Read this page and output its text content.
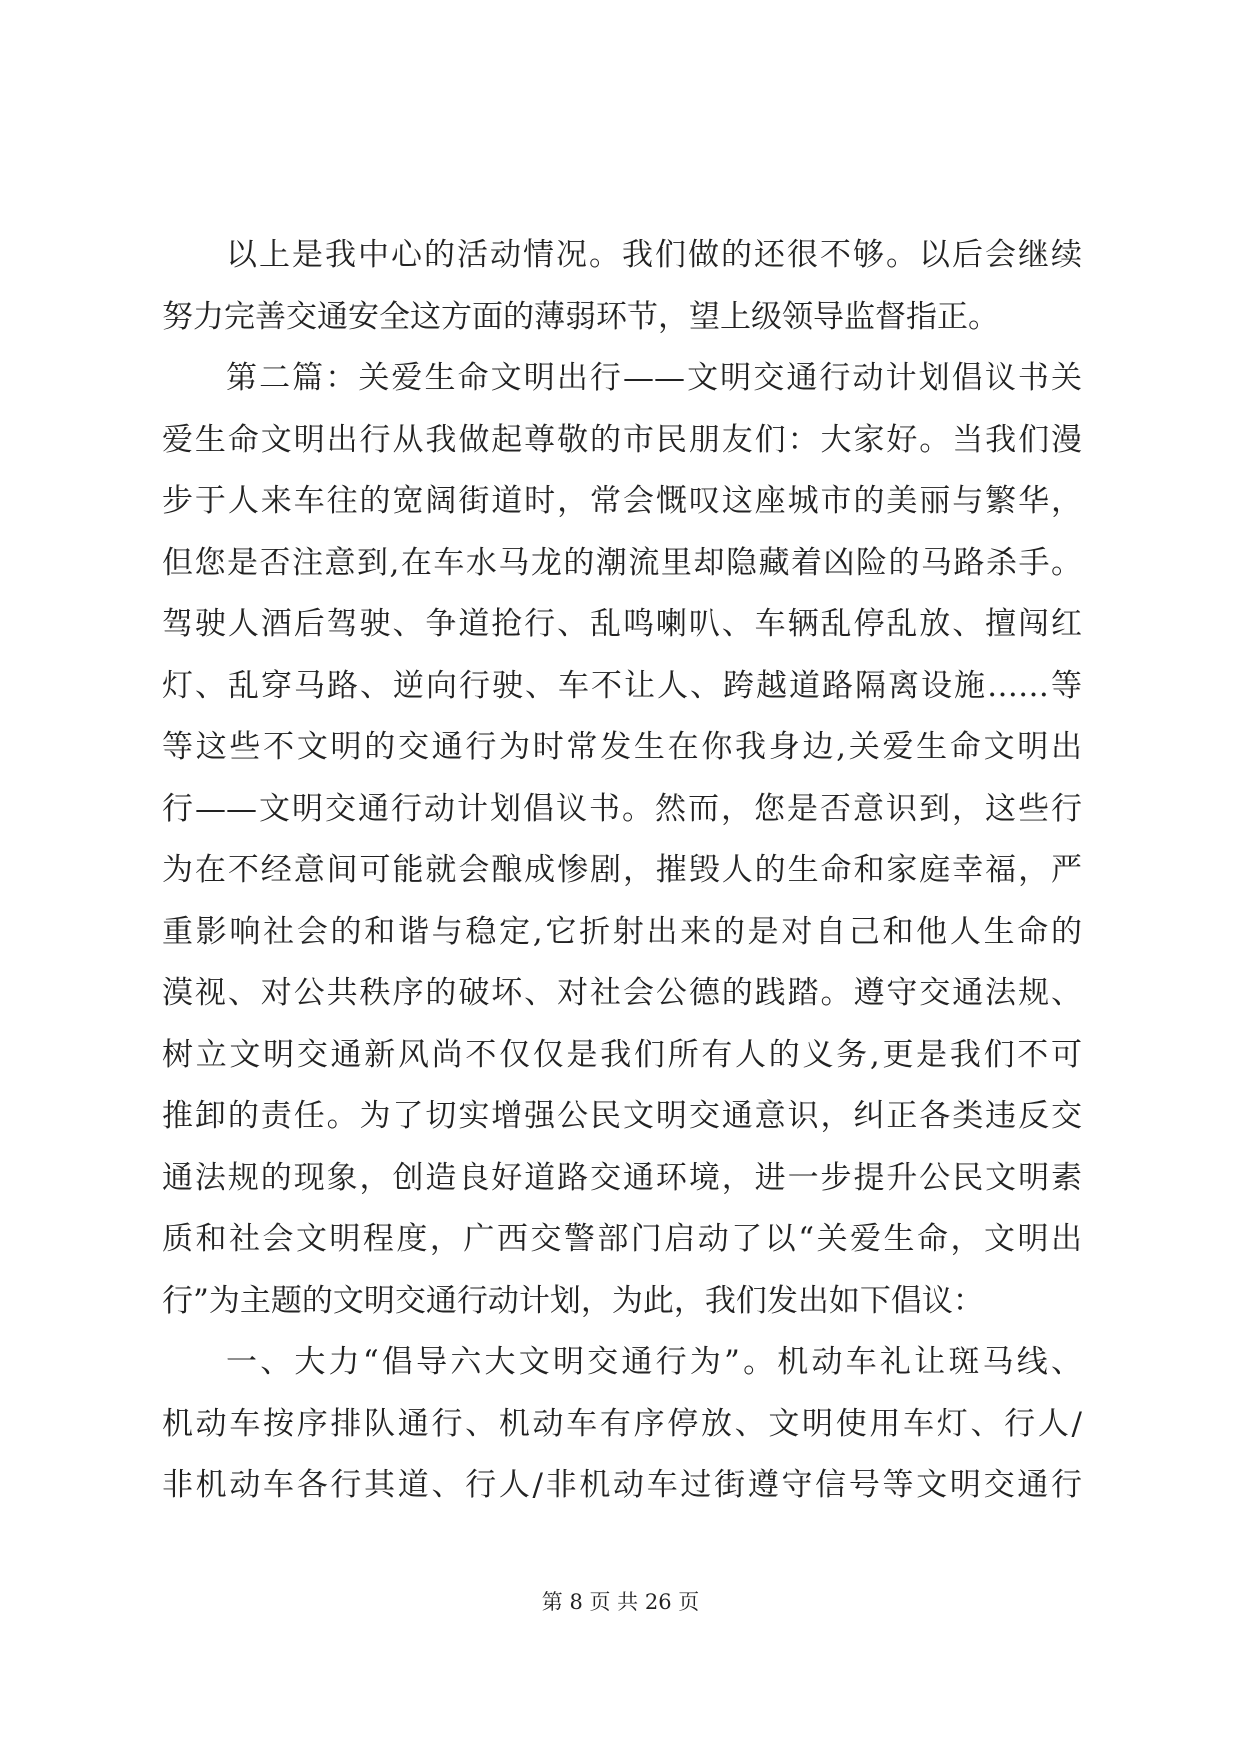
以上是我中心的活动情况。我们做的还很不够。以后会继续
努力完善交通安全这方面的薄弱环节，望上级领导监督指正。
第二篇：关爱生命文明出行——文明交通行动计划倡议书关
爱生命文明出行从我做起尊敬的市民朋友们：大家好。当我们漫
步于人来车往的宽阔街道时，常会慨叹这座城市的美丽与繁华，
但您是否注意到,在车水马龙的潮流里却隐藏着凶险的马路杀手。
驾驶人酒后驾驶、争道抢行、乱鸣喇叭、车辆乱停乱放、擅闯红
灯、乱穿马路、逆向行驶、车不让人、跨越道路隔离设施……等
等这些不文明的交通行为时常发生在你我身边,关爱生命文明出
行——文明交通行动计划倡议书。然而，您是否意识到，这些行
为在不经意间可能就会酿成惨剧，摧毁人的生命和家庭幸福，严
重影响社会的和谐与稳定,它折射出来的是对自己和他人生命的
漠视、对公共秩序的破坏、对社会公德的践踏。遵守交通法规、
树立文明交通新风尚不仅仅是我们所有人的义务,更是我们不可
推卸的责任。为了切实增强公民文明交通意识，纠正各类违反交
通法规的现象，创造良好道路交通环境，进一步提升公民文明素
质和社会文明程度，广西交警部门启动了以“关爱生命，文明出
行”为主题的文明交通行动计划，为此，我们发出如下倡议：
一、大力“倡导六大文明交通行为”。机动车礼让斑马线、
机动车按序排队通行、机动车有序停放、文明使用车灯、行人/
非机动车各行其道、行人/非机动车过街遵守信号等文明交通行
第 8 页 共 26 页
